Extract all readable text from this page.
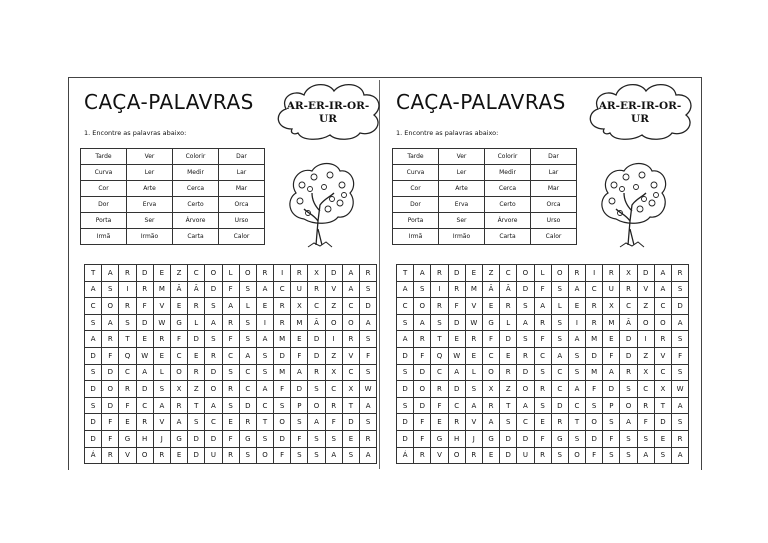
CAÇA-PALAVRAS	AR-ER-IR-OR-UR
1. Encontre as palavras abaixo:
Tarde	Ver	Colorir	Dar
Curva	Ler	Medir	Lar
Cor	Arte	Cerca	Mar
Dor	Erva	Certo	Orca
Porta	Ser	Árvore	Urso
Irmã	Irmão	Carta	Calor
T	A	R	D	E	Z	C	O	L	O	R	I	R	X	D	A	R
A	S	I	R	M	Ã	Ã	D	F	S	A	C	U	R	V	A	S
C	O	R	F	V	E	R	S	A	L	E	R	X	C	Z	C	D
S	A	S	D	W	G	L	A	R	S	I	R	M	Ã	O	O	A
A	R	T	E	R	F	D	S	F	S	A	M	E	D	I	R	S
D	F	Q	W	E	C	E	R	C	A	S	D	F	D	Z	V	F
S	D	C	A	L	O	R	D	S	C	S	M	A	R	X	C	S
D	O	R	D	S	X	Z	O	R	C	A	F	D	S	C	X	W
S	D	F	C	A	R	T	A	S	D	C	S	P	O	R	T	A
D	F	E	R	V	A	S	C	E	R	T	O	S	A	F	D	S
D	F	G	H	J	G	D	D	F	G	S	D	F	S	S	E	R
Á	R	V	O	R	E	D	U	R	S	O	F	S	S	A	S	A
CAÇA-PALAVRAS	AR-ER-IR-OR-UR
1. Encontre as palavras abaixo:
Tarde	Ver	Colorir	Dar
Curva	Ler	Medir	Lar
Cor	Arte	Cerca	Mar
Dor	Erva	Certo	Orca
Porta	Ser	Árvore	Urso
Irmã	Irmão	Carta	Calor
T	A	R	D	E	Z	C	O	L	O	R	I	R	X	D	A	R
A	S	I	R	M	Ã	Ã	D	F	S	A	C	U	R	V	A	S
C	O	R	F	V	E	R	S	A	L	E	R	X	C	Z	C	D
S	A	S	D	W	G	L	A	R	S	I	R	M	Ã	O	O	A
A	R	T	E	R	F	D	S	F	S	A	M	E	D	I	R	S
D	F	Q	W	E	C	E	R	C	A	S	D	F	D	Z	V	F
S	D	C	A	L	O	R	D	S	C	S	M	A	R	X	C	S
D	O	R	D	S	X	Z	O	R	C	A	F	D	S	C	X	W
S	D	F	C	A	R	T	A	S	D	C	S	P	O	R	T	A
D	F	E	R	V	A	S	C	E	R	T	O	S	A	F	D	S
D	F	G	H	J	G	D	D	F	G	S	D	F	S	S	E	R
Á	R	V	O	R	E	D	U	R	S	O	F	S	S	A	S	A
